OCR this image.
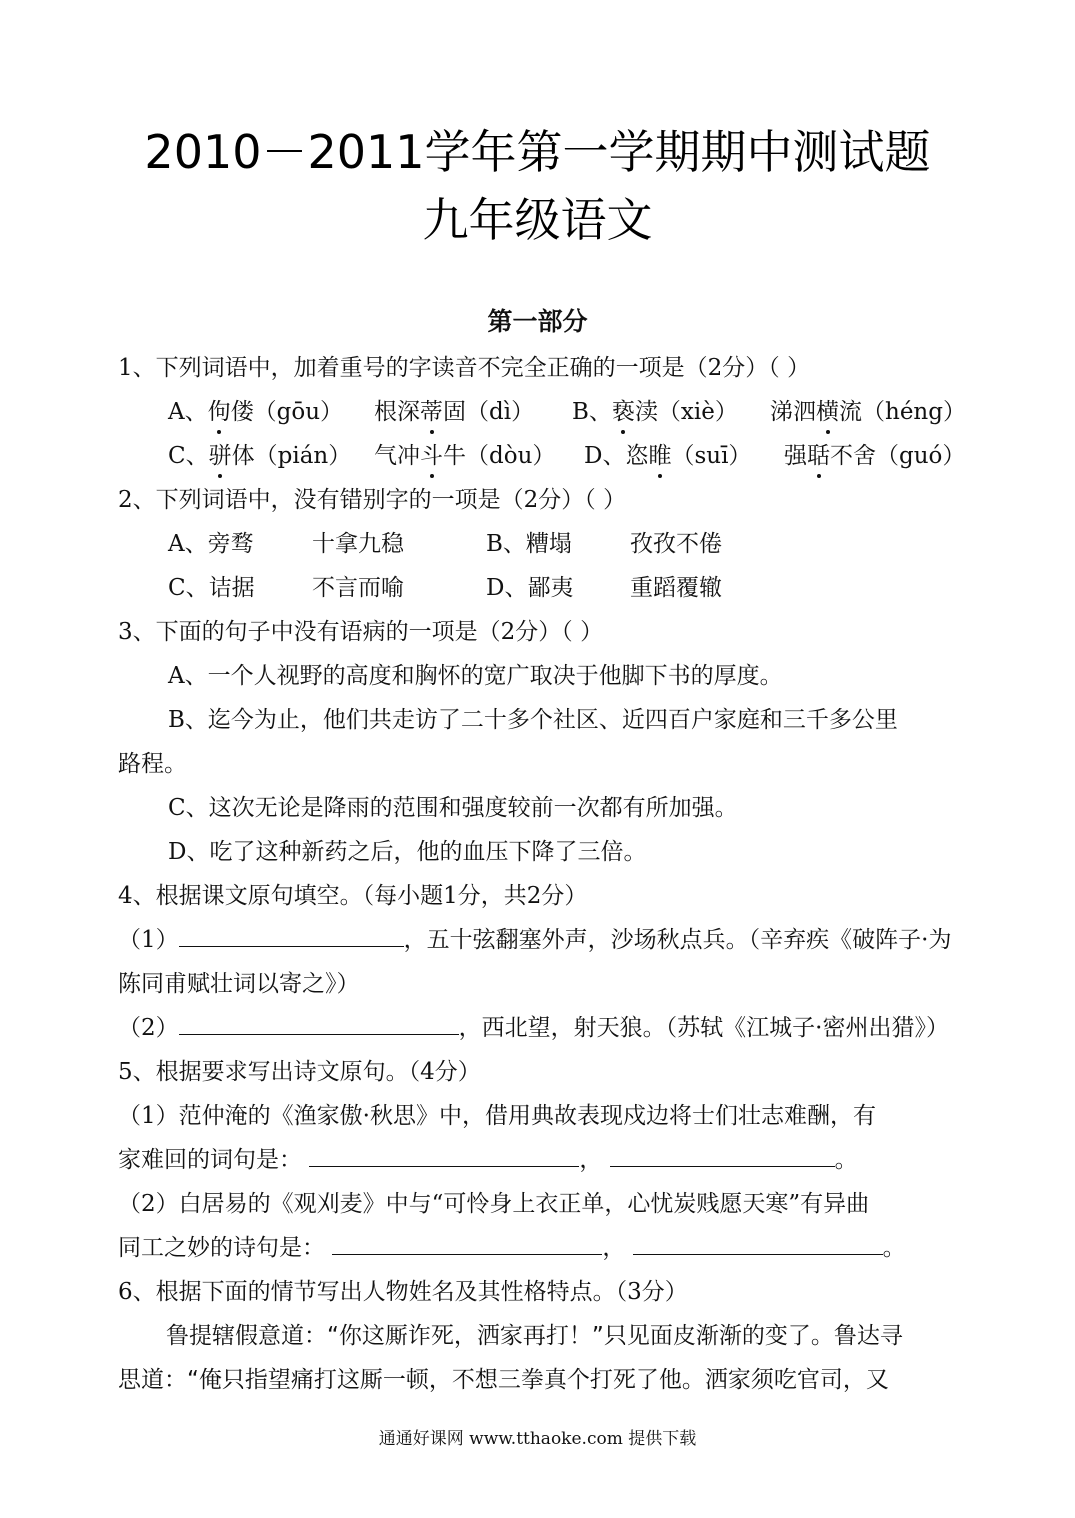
2010－2011学年第一学期期中测试题
九年级语文
第一部分
1、下列词语中，加着重号的字读音不完全正确的一项是（2分）（ ）
A、佝偻（gōu） 根深蒂固（dì） B、亵渎（xiè） 涕泗横流（héng）
C、骈体（pián） 气冲斗牛（dòu） D、恣睢（suī） 强聒不舍（guó）
2、下列词语中，没有错别字的一项是（2分）（ ）
A、旁骛	十拿九稳	B、糟塌	孜孜不倦
C、诘据 不言而喻	D、鄙夷 重蹈覆辙
3、下面的句子中没有语病的一项是（2分）（ ）
A、一个人视野的高度和胸怀的宽广取决于他脚下书的厚度。
B、迄今为止，他们共走访了二十多个社区、近四百户家庭和三千多公里
路程。
C、这次无论是降雨的范围和强度较前一次都有所加强。
D、吃了这种新药之后，他的血压下降了三倍。
4、根据课文原句填空。（每小题1分，共2分）
（1）	，五十弦翻塞外声，沙场秋点兵。（辛弃疾《破阵子·为
陈同甫赋壮词以寄之》）
（2）	，西北望，射天狼。（苏轼《江城子·密州出猎》）
5、根据要求写出诗文原句。（4分）
（1）范仲淹的《渔家傲·秋思》中，借用典故表现戍边将士们壮志难酬，有
家难回的词句是：	，	。
（2）白居易的《观刈麦》中与“可怜身上衣正单，心忧炭贱愿天寒”有异曲
同工之妙的诗句是：	，	。
6、根据下面的情节写出人物姓名及其性格特点。（3分）
鲁提辖假意道：“你这厮诈死，洒家再打！”只见面皮渐渐的变了。鲁达寻
思道：“俺只指望痛打这厮一顿，不想三拳真个打死了他。洒家须吃官司，又
通通好课网 www.tthaoke.com 提供下载
